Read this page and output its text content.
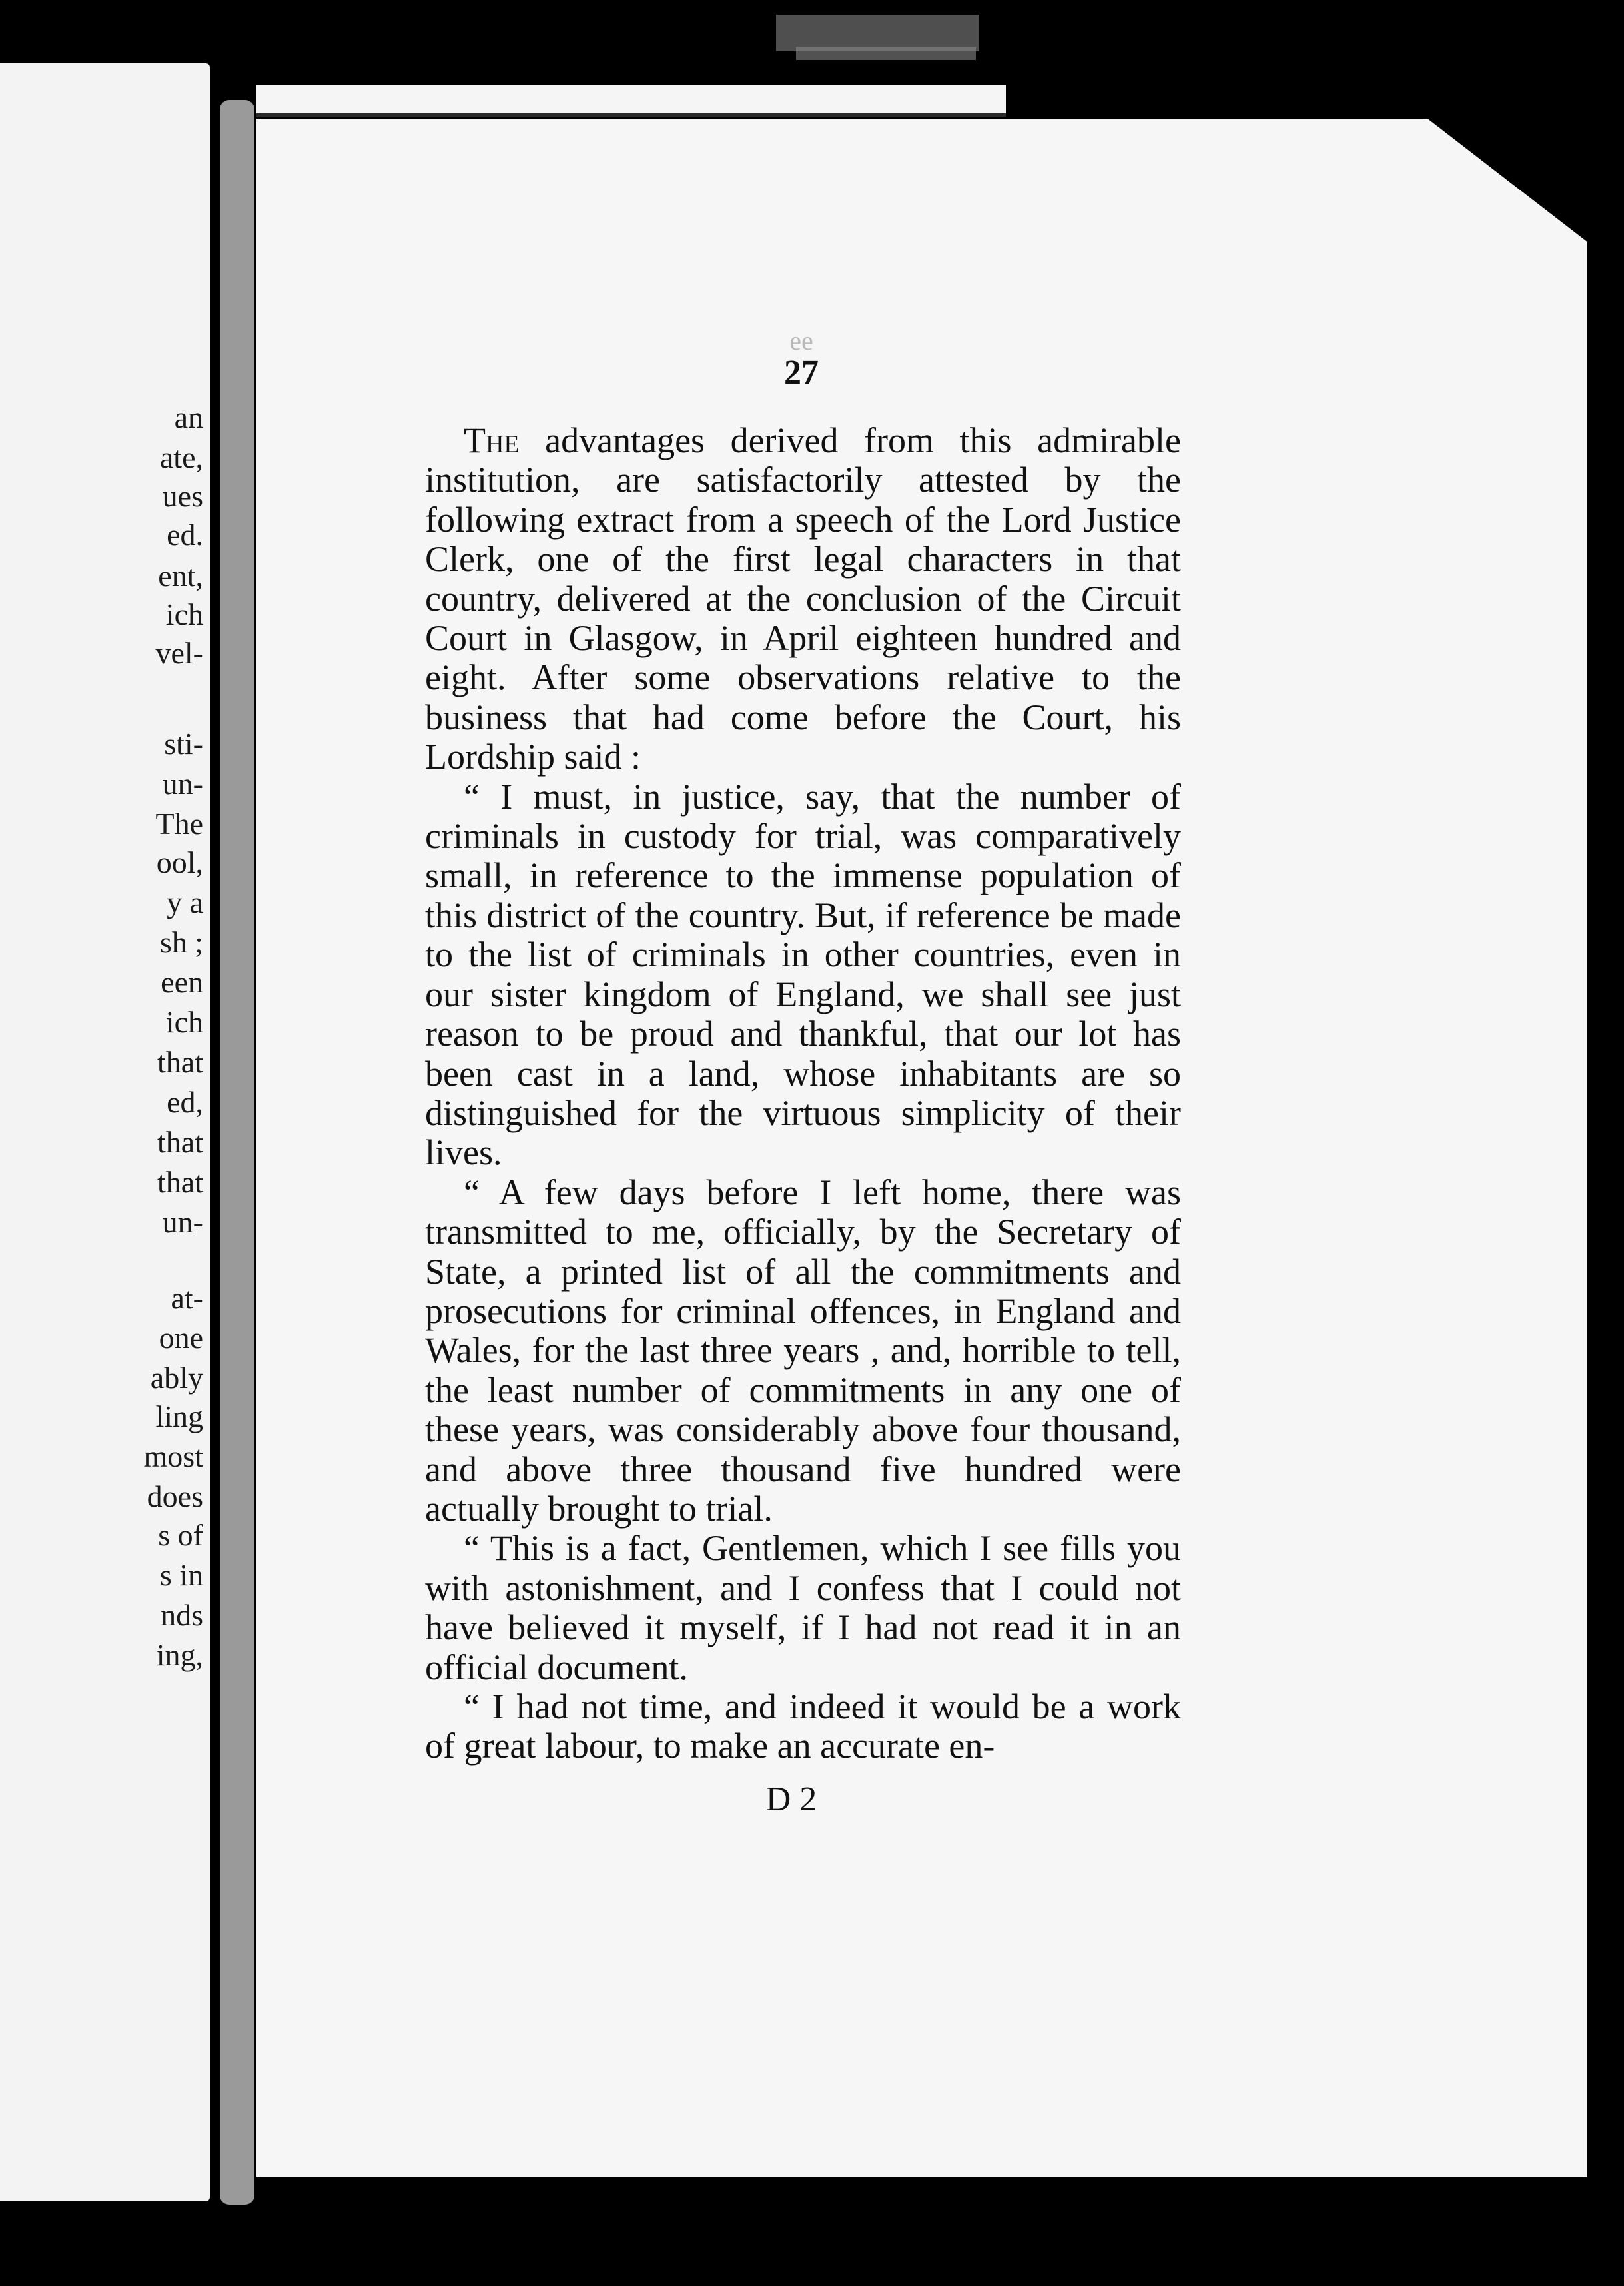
an
ate,
ues
ed.
ent,
ich
vel-
sti-
un-
The
ool,
y a
sh ;
een
ich
that
ed,
that
that
un-
at-
one
ably
ling
most
does
s of
s in
nds
ing,
ee
27

The advantages derived from this admirable institution, are satisfactorily attested by the following extract from a speech of the Lord Justice Clerk, one of the first legal characters in that country, delivered at the conclusion of the Circuit Court in Glasgow, in April eighteen hundred and eight. After some observations relative to the business that had come before the Court, his Lordship said :

“ I must, in justice, say, that the number of criminals in custody for trial, was comparatively small, in reference to the immense population of this district of the country. But, if reference be made to the list of criminals in other countries, even in our sister kingdom of England, we shall see just reason to be proud and thankful, that our lot has been cast in a land, whose inhabitants are so distinguished for the virtuous simplicity of their lives.

“ A few days before I left home, there was transmitted to me, officially, by the Secretary of State, a printed list of all the commitments and prosecutions for criminal offences, in England and Wales, for the last three years , and, horrible to tell, the least number of commitments in any one of these years, was considerably above four thousand, and above three thousand five hundred were actually brought to trial.

“ This is a fact, Gentlemen, which I see fills you with astonishment, and I confess that I could not have believed it myself, if I had not read it in an official document.

“ I had not time, and indeed it would be a work of great labour, to make an accurate en-

D 2
